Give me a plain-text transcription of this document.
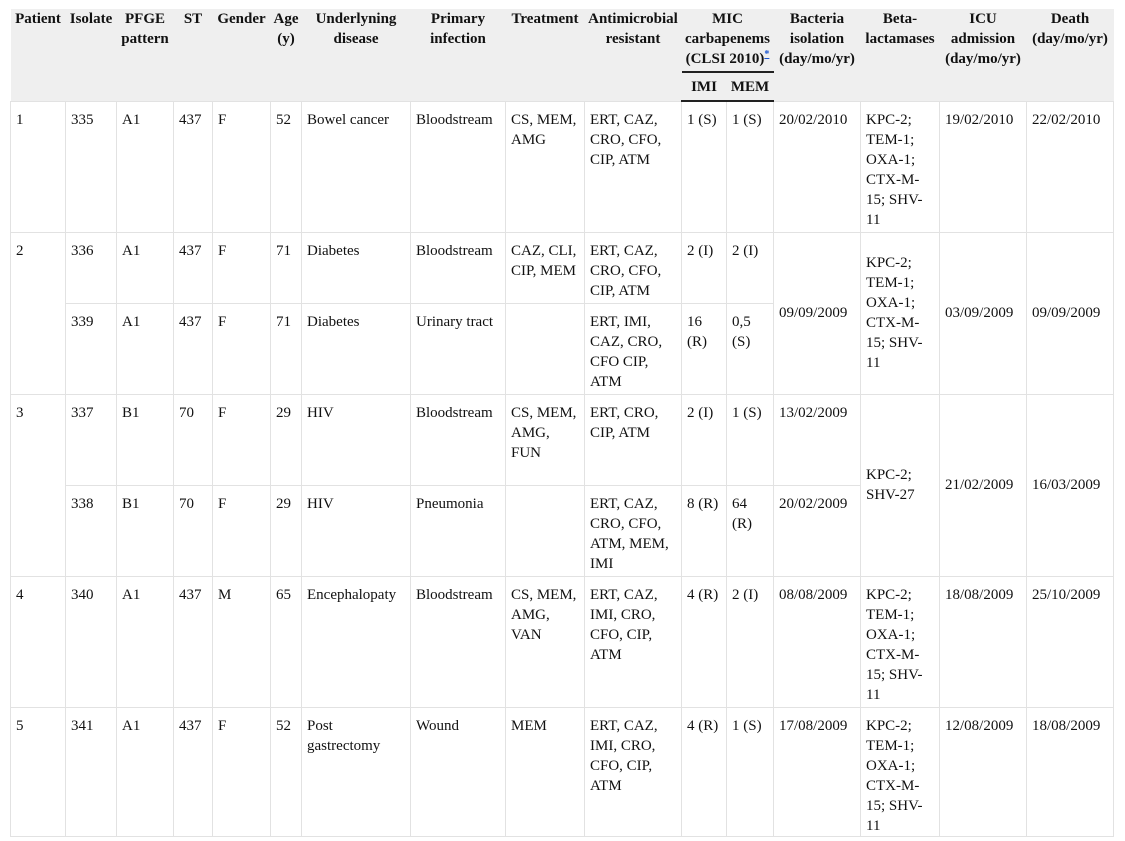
Patient	Isolate	PFGE pattern	ST	Gender	Age (y)	Underlyning disease	Primary infection	Treatment	Antimicrobial resistant	MIC carbapenems (CLSI 2010)*		Bacteria isolation (day/mo/yr)	Beta-lactamases	ICU admission (day/mo/yr)	Death (day/mo/yr)
										IMI	MEM				
1	335	A1	437	F	52	Bowel cancer	Bloodstream	CS, MEM, AMG	ERT, CAZ, CRO, CFO, CIP, ATM	1 (S)	1 (S)	20/02/2010	KPC-2; TEM-1; OXA-1; CTX-M-15; SHV-11	19/02/2010	22/02/2010
2	336	A1	437	F	71	Diabetes	Bloodstream	CAZ, CLI, CIP, MEM	ERT, CAZ, CRO, CFO, CIP, ATM	2 (I)	2 (I)	09/09/2009	KPC-2; TEM-1; OXA-1; CTX-M-15; SHV-11	03/09/2009	09/09/2009
	339	A1	437	F	71	Diabetes	Urinary tract		ERT, IMI, CAZ, CRO, CFO CIP, ATM	16 (R)	0,5 (S)				
3	337	B1	70	F	29	HIV	Bloodstream	CS, MEM, AMG, FUN	ERT, CRO, CIP, ATM	2 (I)	1 (S)	13/02/2009	KPC-2; SHV-27	21/02/2009	16/03/2009
	338	B1	70	F	29	HIV	Pneumonia		ERT, CAZ, CRO, CFO, ATM, MEM, IMI	8 (R)	64 (R)	20/02/2009			
4	340	A1	437	M	65	Encephalopaty	Bloodstream	CS, MEM, AMG, VAN	ERT, CAZ, IMI, CRO, CFO, CIP, ATM	4 (R)	2 (I)	08/08/2009	KPC-2; TEM-1; OXA-1; CTX-M-15; SHV-11	18/08/2009	25/10/2009
5	341	A1	437	F	52	Post gastrectomy	Wound	MEM	ERT, CAZ, IMI, CRO, CFO, CIP, ATM	4 (R)	1 (S)	17/08/2009	KPC-2; TEM-1; OXA-1; CTX-M-15; SHV-11	12/08/2009	18/08/2009
